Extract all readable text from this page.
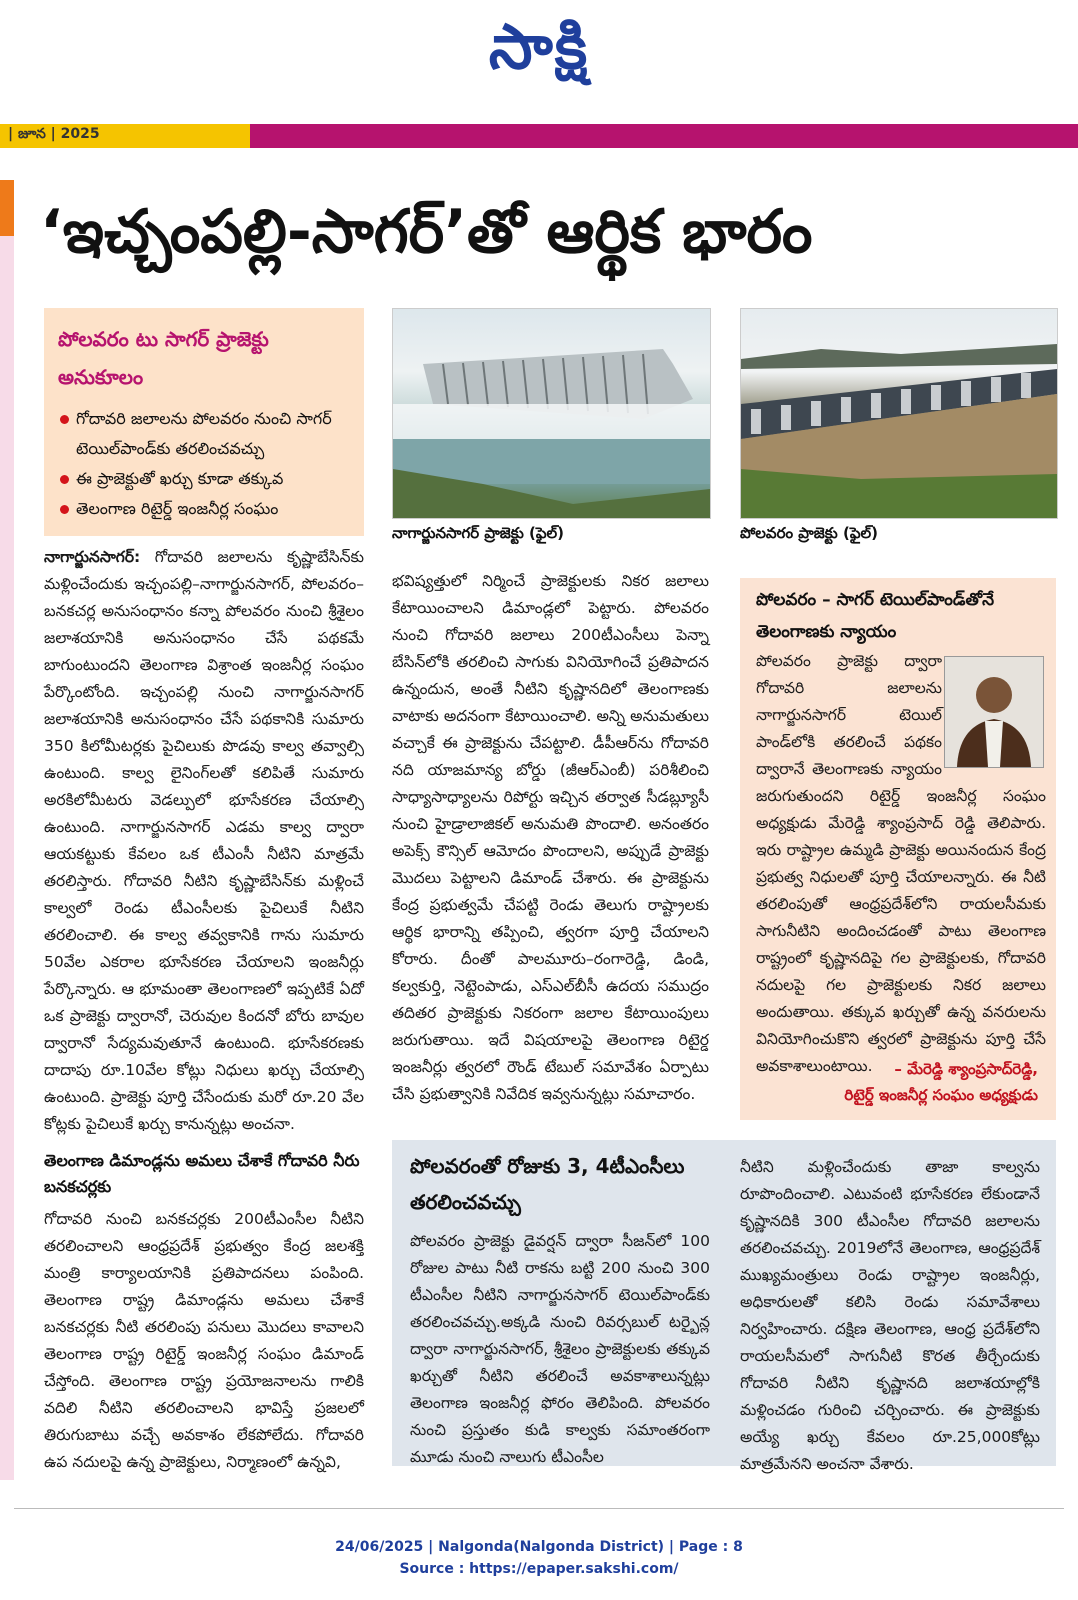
సాక్షి
| జూన | 2025
‘ఇచ్చంపల్లి-సాగర్’తో ఆర్థిక భారం
పోలవరం టు సాగర్ ప్రాజెక్టు అనుకూలం
గోదావరి జలాలను పోలవరం నుంచి సాగర్ టెయిల్‌పాండ్‌కు తరలించవచ్చు
ఈ ప్రాజెక్టుతో ఖర్చు కూడా తక్కువ
తెలంగాణ రిటైర్డ్ ఇంజనీర్ల సంఘం
నాగార్జునసాగర్ ప్రాజెక్టు (ఫైల్)	పోలవరం ప్రాజెక్టు (ఫైల్)

నాగార్జునసాగర్: గోదావరి జలాలను కృష్ణాబేసిన్‌కు మళ్లించేందుకు ఇచ్చంపల్లి–నాగార్జునసాగర్, పోలవరం–బనకచర్ల అనుసంధానం కన్నా పోలవరం నుంచి శ్రీశైలం జలాశయానికి అనుసంధానం చేసే పథకమే బాగుంటుందని తెలంగాణ విశ్రాంత ఇంజనీర్ల సంఘం పేర్కొంటోంది. ఇచ్చంపల్లి నుంచి నాగార్జునసాగర్ జలాశయానికి అనుసంధానం చేసే పథకానికి సుమారు 350 కిలోమీటర్లకు పైచిలుకు పొడవు కాల్వ తవ్వాల్సి ఉంటుంది. కాల్వ లైనింగ్‌లతో కలిపితే సుమారు అరకిలోమీటరు వెడల్పులో భూసేకరణ చేయాల్సి ఉంటుంది. నాగార్జునసాగర్ ఎడమ కాల్వ ద్వారా ఆయకట్టుకు కేవలం ఒక టీఎంసీ నీటిని మాత్రమే తరలిస్తారు. గోదావరి నీటిని కృష్ణాబేసిన్‌కు మళ్లించే కాల్వలో రెండు టీఎంసీలకు పైచిలుకే నీటిని తరలించాలి. ఈ కాల్వ తవ్వకానికి గాను సుమారు 50వేల ఎకరాల భూసేకరణ చేయాలని ఇంజనీర్లు పేర్కొన్నారు. ఆ భూమంతా తెలంగాణలో ఇప్పటికే ఏదో ఒక ప్రాజెక్టు ద్వారానో, చెరువుల కిందనో బోరు బావుల ద్వారానో సేద్యమవుతూనే ఉంటుంది. భూసేకరణకు దాదాపు రూ.10వేల కోట్లు నిధులు ఖర్చు చేయాల్సి ఉంటుంది. ప్రాజెక్టు పూర్తి చేసేందుకు మరో రూ.20 వేల కోట్లకు పైచిలుకే ఖర్చు కానున్నట్లు అంచనా.

తెలంగాణ డిమాండ్లను అమలు చేశాకే గోదావరి నీరు బనకచర్లకు

గోదావరి నుంచి బనకచర్లకు 200టీఎంసీల నీటిని తరలించాలని ఆంధ్రప్రదేశ్ ప్రభుత్వం కేంద్ర జలశక్తి మంత్రి కార్యాలయానికి ప్రతిపాదనలు పంపింది. తెలంగాణ రాష్ట్ర డిమాండ్లను అమలు చేశాకే బనకచర్లకు నీటి తరలింపు పనులు మొదలు కావాలని తెలంగాణ రాష్ట్ర రిటైర్డ్ ఇంజనీర్ల సంఘం డిమాండ్ చేస్తోంది. తెలంగాణ రాష్ట్ర ప్రయోజనాలను గాలికి వదిలి నీటిని తరలించాలని భావిస్తే ప్రజలలో తిరుగుబాటు వచ్చే అవకాశం లేకపోలేదు. గోదావరి ఉప నదులపై ఉన్న ప్రాజెక్టులు, నిర్మాణంలో ఉన్నవి,

భవిష్యత్తులో నిర్మించే ప్రాజెక్టులకు నికర జలాలు కేటాయించాలని డిమాండ్లలో పెట్టారు. పోలవరం నుంచి గోదావరి జలాలు 200టీఎంసీలు పెన్నా బేసిన్‌లోకి తరలించి సాగుకు వినియోగించే ప్రతిపాదన ఉన్నందున, అంతే నీటిని కృష్ణానదిలో తెలంగాణకు వాటాకు అదనంగా కేటాయించాలి. అన్ని అనుమతులు వచ్చాకే ఈ ప్రాజెక్టును చేపట్టాలి. డీపీఆర్‌ను గోదావరి నది యాజమాన్య బోర్డు (జీఆర్ఎంబీ) పరిశీలించి సాధ్యాసాధ్యాలను రిపోర్టు ఇచ్చిన తర్వాత సీడబ్ల్యూసీ నుంచి హైడ్రాలాజికల్ అనుమతి పొందాలి. అనంతరం అపెక్స్ కౌన్సిల్ ఆమోదం పొందాలని, అప్పుడే ప్రాజెక్టు మొదలు పెట్టాలని డిమాండ్ చేశారు. ఈ ప్రాజెక్టును కేంద్ర ప్రభుత్వమే చేపట్టి రెండు తెలుగు రాష్ట్రాలకు ఆర్థిక భారాన్ని తప్పించి, త్వరగా పూర్తి చేయాలని కోరారు. దీంతో పాలమూరు–రంగారెడ్డి, డిండి, కల్వకుర్తి, నెట్టెంపాడు, ఎస్ఎల్‌బీసీ ఉదయ సముద్రం తదితర ప్రాజెక్టుకు నికరంగా జలాల కేటాయింపులు జరుగుతాయి. ఇదే విషయాలపై తెలంగాణ రిటైర్డ ఇంజనీర్లు త్వరలో రౌండ్ టేబుల్ సమావేశం ఏర్పాటు చేసి ప్రభుత్వానికి నివేదిక ఇవ్వనున్నట్లు సమాచారం.

పోలవరం – సాగర్ టెయిల్‌పాండ్‌తోనే తెలంగాణకు న్యాయం
పోలవరం ప్రాజెక్టు ద్వారా గోదావరి జలాలను నాగార్జునసాగర్ టెయిల్ పాండ్‌లోకి తరలించే పథకం ద్వారానే తెలంగాణకు న్యాయం జరుగుతుందని రిటైర్డ్ ఇంజనీర్ల సంఘం అధ్యక్షుడు మేరెడ్డి శ్యాంప్రసాద్ రెడ్డి తెలిపారు. ఇరు రాష్ట్రాల ఉమ్మడి ప్రాజెక్టు అయినందున కేంద్ర ప్రభుత్వ నిధులతో పూర్తి చేయాలన్నారు. ఈ నీటి తరలింపుతో ఆంధ్రప్రదేశ్‌లోని రాయలసీమకు సాగునీటిని అందించడంతో పాటు తెలంగాణ రాష్ట్రంలో కృష్ణానదిపై గల ప్రాజెక్టులకు, గోదావరి నదులపై గల ప్రాజెక్టులకు నికర జలాలు అందుతాయి. తక్కువ ఖర్చుతో ఉన్న వనరులను వినియోగించుకొని త్వరలో ప్రాజెక్టును పూర్తి చేసే అవకాశాలుంటాయి.	– మేరెడ్డి శ్యాంప్రసాద్‌రెడ్డి,
రిటైర్డ్ ఇంజనీర్ల సంఘం అధ్యక్షుడు
పోలవరంతో రోజుకు 3, 4టీఎంసీలు తరలించవచ్చు
పోలవరం ప్రాజెక్టు డైవర్షన్ ద్వారా సీజన్‌లో 100 రోజుల పాటు నీటి రాకను బట్టి 200 నుంచి 300 టీఎంసీల నీటిని నాగార్జునసాగర్ టెయిల్‌పాండ్‌కు తరలించవచ్చు.అక్కడి నుంచి రివర్సబుల్ టర్బైన్ల ద్వారా నాగార్జునసాగర్, శ్రీశైలం ప్రాజెక్టులకు తక్కువ ఖర్చుతో నీటిని తరలించే అవకాశాలున్నట్లు తెలంగాణ ఇంజనీర్ల ఫోరం తెలిపింది. పోలవరం నుంచి ప్రస్తుతం కుడి కాల్వకు సమాంతరంగా మూడు నుంచి నాలుగు టీఎంసీల
నీటిని మళ్లించేందుకు తాజా కాల్వను రూపొందించాలి. ఎటువంటి భూసేకరణ లేకుండానే కృష్ణానదికి 300 టీఎంసీల గోదావరి జలాలను తరలించవచ్చు. 2019లోనే తెలంగాణ, ఆంధ్రప్రదేశ్ ముఖ్యమంత్రులు రెండు రాష్ట్రాల ఇంజనీర్లు, అధికారులతో కలిసి రెండు సమావేశాలు నిర్వహించారు. దక్షిణ తెలంగాణ, ఆంధ్ర ప్రదేశ్‌లోని రాయలసీమలో సాగునీటి కొరత తీర్చేందుకు గోదావరి నీటిని కృష్ణానది జలాశయాల్లోకి మళ్లించడం గురించి చర్చించారు. ఈ ప్రాజెక్టుకు అయ్యే ఖర్చు కేవలం రూ.25,000కోట్లు మాత్రమేనని అంచనా వేశారు.
24/06/2025 | Nalgonda(Nalgonda District) | Page : 8
Source : https://epaper.sakshi.com/
